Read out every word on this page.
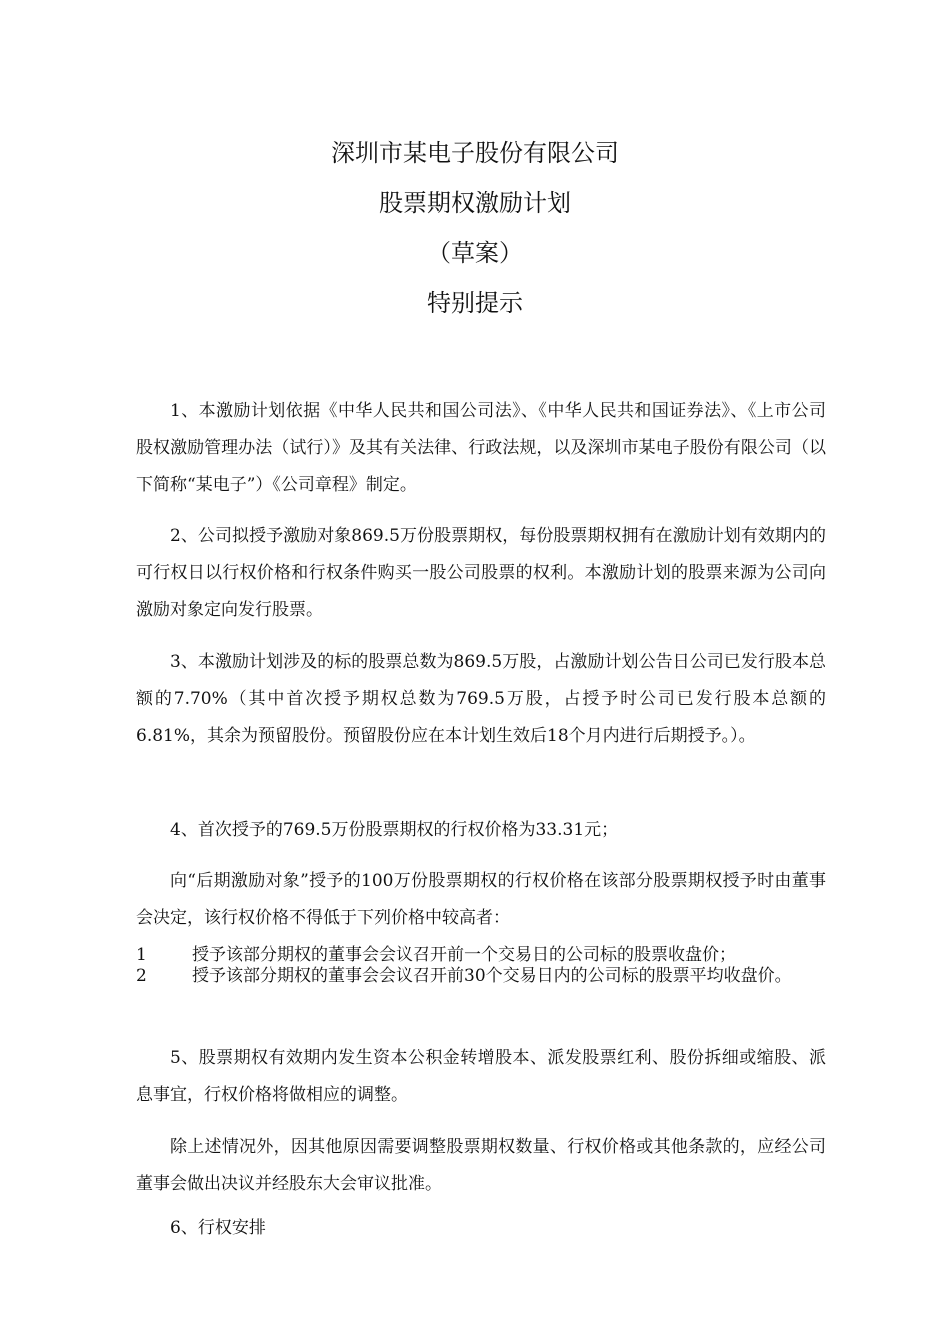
深圳市某电子股份有限公司
股票期权激励计划
（草案）
特别提示

1、本激励计划依据《中华人民共和国公司法》、《中华人民共和国证券法》、《上市公司股权激励管理办法（试行）》及其有关法律、行政法规，以及深圳市某电子股份有限公司（以下简称“某电子”）《公司章程》制定。

2、公司拟授予激励对象869.5万份股票期权，每份股票期权拥有在激励计划有效期内的可行权日以行权价格和行权条件购买一股公司股票的权利。本激励计划的股票来源为公司向激励对象定向发行股票。

3、本激励计划涉及的标的股票总数为869.5万股，占激励计划公告日公司已发行股本总额的7.70%（其中首次授予期权总数为769.5万股，占授予时公司已发行股本总额的6.81%，其余为预留股份。预留股份应在本计划生效后18个月内进行后期授予。）。

4、首次授予的769.5万份股票期权的行权价格为33.31元；

向“后期激励对象”授予的100万份股票期权的行权价格在该部分股票期权授予时由董事会决定，该行权价格不得低于下列价格中较高者：

1	授予该部分期权的董事会会议召开前一个交易日的公司标的股票收盘价；
2	授予该部分期权的董事会会议召开前30个交易日内的公司标的股票平均收盘价。

5、股票期权有效期内发生资本公积金转增股本、派发股票红利、股份拆细或缩股、派息事宜，行权价格将做相应的调整。

除上述情况外，因其他原因需要调整股票期权数量、行权价格或其他条款的，应经公司董事会做出决议并经股东大会审议批准。

6、行权安排
